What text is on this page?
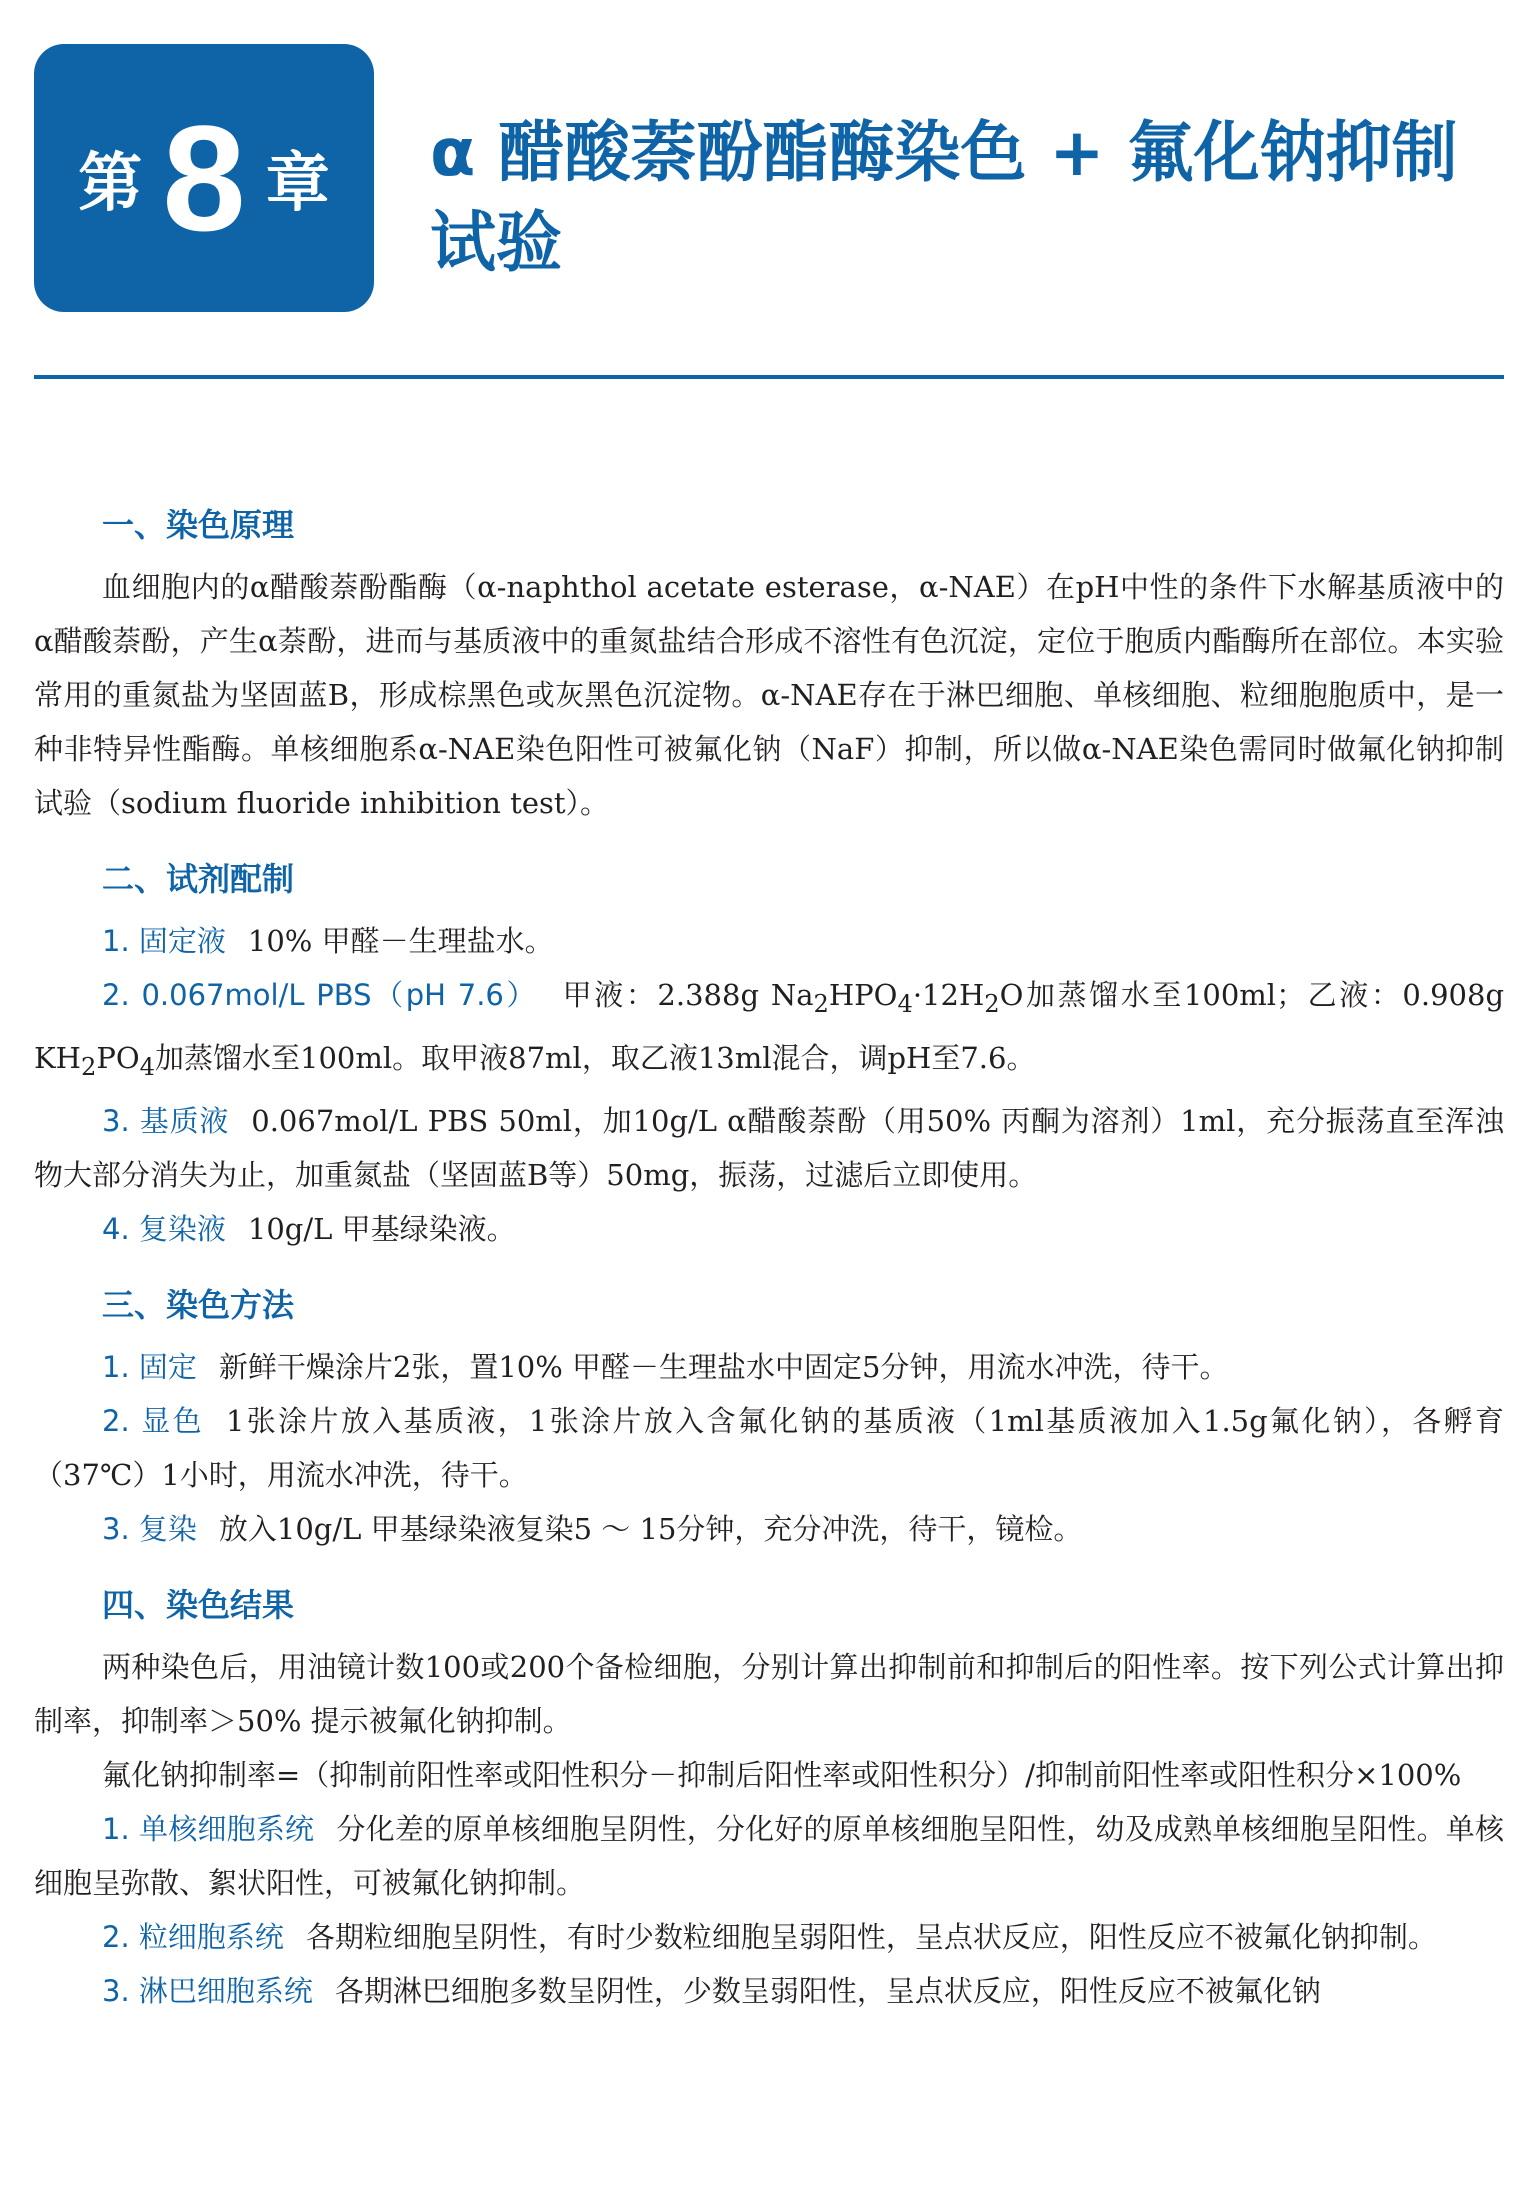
第 8 章 α 醋酸萘酚酯酶染色 + 氟化钠抑制试验
一、染色原理

血细胞内的α醋酸萘酚酯酶（α-naphthol acetate esterase，α-NAE）在pH中性的条件下水解基质液中的α醋酸萘酚，产生α萘酚，进而与基质液中的重氮盐结合形成不溶性有色沉淀，定位于胞质内酯酶所在部位。本实验常用的重氮盐为坚固蓝B，形成棕黑色或灰黑色沉淀物。α-NAE存在于淋巴细胞、单核细胞、粒细胞胞质中，是一种非特异性酯酶。单核细胞系α-NAE染色阳性可被氟化钠（NaF）抑制，所以做α-NAE染色需同时做氟化钠抑制试验（sodium fluoride inhibition test）。

二、试剂配制

1. 固定液 10% 甲醛－生理盐水。

2. 0.067mol/L PBS（pH 7.6） 甲液：2.388g $Na_2HPO_4\cdot 12H_2O$加蒸馏水至100ml；乙液：0.908g $KH_2PO_4$加蒸馏水至100ml。取甲液87ml，取乙液13ml混合，调pH至7.6。

3. 基质液 0.067mol/L PBS 50ml，加10g/L α醋酸萘酚（用50% 丙酮为溶剂）1ml，充分振荡直至浑浊物大部分消失为止，加重氮盐（坚固蓝B等）50mg，振荡，过滤后立即使用。

4. 复染液 10g/L 甲基绿染液。

三、染色方法

1. 固定 新鲜干燥涂片2张，置10% 甲醛－生理盐水中固定5分钟，用流水冲洗，待干。

2. 显色 1张涂片放入基质液，1张涂片放入含氟化钠的基质液（1ml基质液加入1.5g氟化钠），各孵育（37℃）1小时，用流水冲洗，待干。

3. 复染 放入10g/L 甲基绿染液复染5 ～ 15分钟，充分冲洗，待干，镜检。

四、染色结果

两种染色后，用油镜计数100或200个备检细胞，分别计算出抑制前和抑制后的阳性率。按下列公式计算出抑制率，抑制率＞50% 提示被氟化钠抑制。

氟化钠抑制率=（抑制前阳性率或阳性积分－抑制后阳性率或阳性积分）/抑制前阳性率或阳性积分×100%

1. 单核细胞系统 分化差的原单核细胞呈阴性，分化好的原单核细胞呈阳性，幼及成熟单核细胞呈阳性。单核细胞呈弥散、絮状阳性，可被氟化钠抑制。

2. 粒细胞系统 各期粒细胞呈阴性，有时少数粒细胞呈弱阳性，呈点状反应，阳性反应不被氟化钠抑制。

3. 淋巴细胞系统 各期淋巴细胞多数呈阴性，少数呈弱阳性，呈点状反应，阳性反应不被氟化钠
